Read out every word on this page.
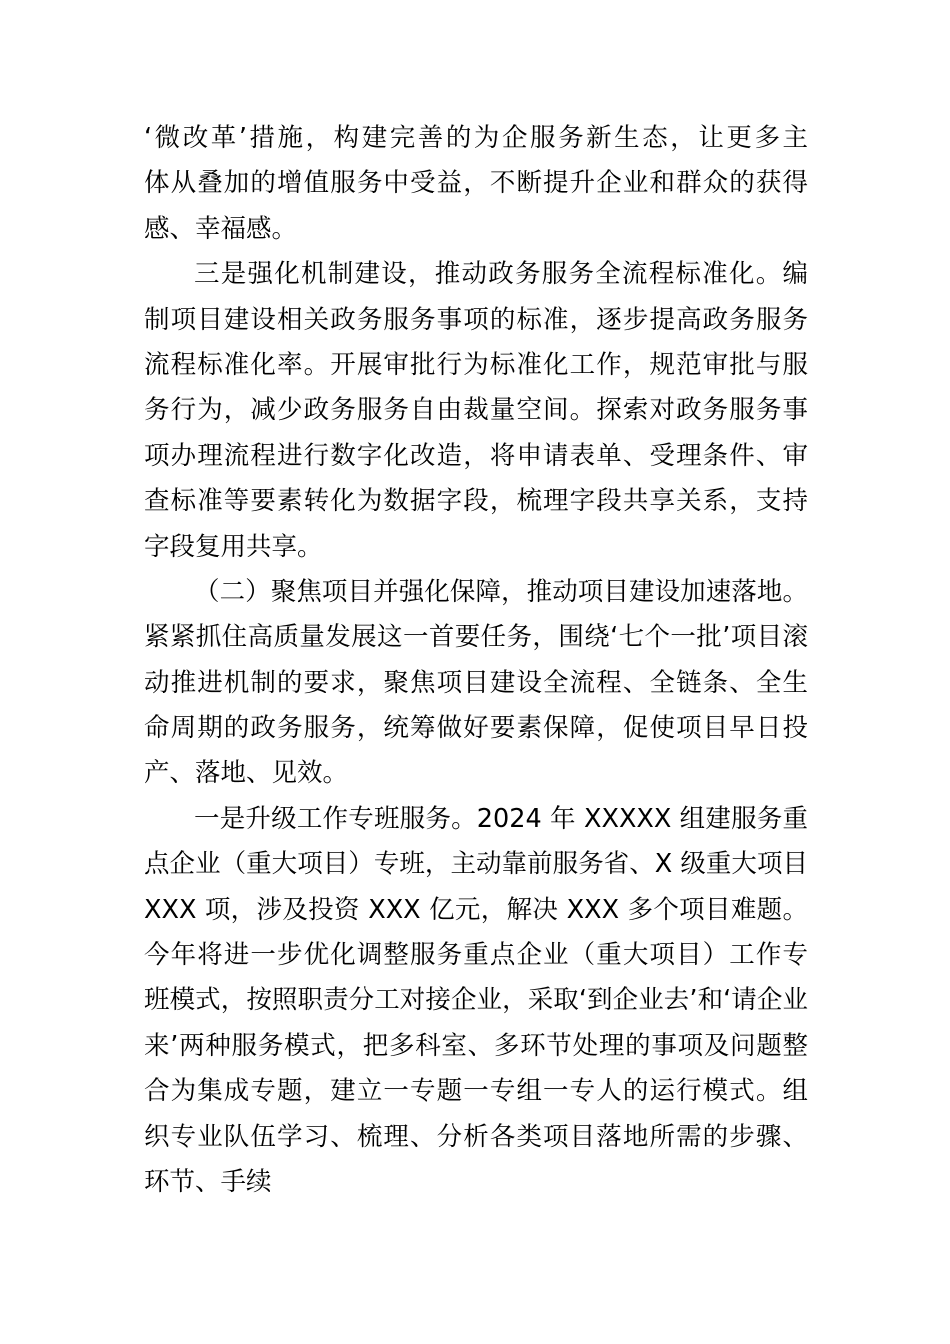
‘微改革’措施，构建完善的为企服务新生态，让更多主
体从叠加的增值服务中受益，不断提升企业和群众的获得
感、幸福感。
三是强化机制建设，推动政务服务全流程标准化。编
制项目建设相关政务服务事项的标准，逐步提高政务服务
流程标准化率。开展审批行为标准化工作，规范审批与服
务行为，减少政务服务自由裁量空间。探索对政务服务事
项办理流程进行数字化改造，将申请表单、受理条件、审
查标准等要素转化为数据字段，梳理字段共享关系，支持
字段复用共享。
（二）聚焦项目并强化保障，推动项目建设加速落地。
紧紧抓住高质量发展这一首要任务，围绕‘七个一批’项目滚
动推进机制的要求，聚焦项目建设全流程、全链条、全生
命周期的政务服务，统筹做好要素保障，促使项目早日投
产、落地、见效。
一是升级工作专班服务。2024 年 XXXXX 组建服务重
点企业（重大项目）专班，主动靠前服务省、X 级重大项目
XXX 项，涉及投资 XXX 亿元，解决 XXX 多个项目难题。
今年将进一步优化调整服务重点企业（重大项目）工作专
班模式，按照职责分工对接企业，采取‘到企业去’和‘请企业
来’两种服务模式，把多科室、多环节处理的事项及问题整
合为集成专题，建立一专题一专组一专人的运行模式。组
织专业队伍学习、梳理、分析各类项目落地所需的步骤、
环节、手续
